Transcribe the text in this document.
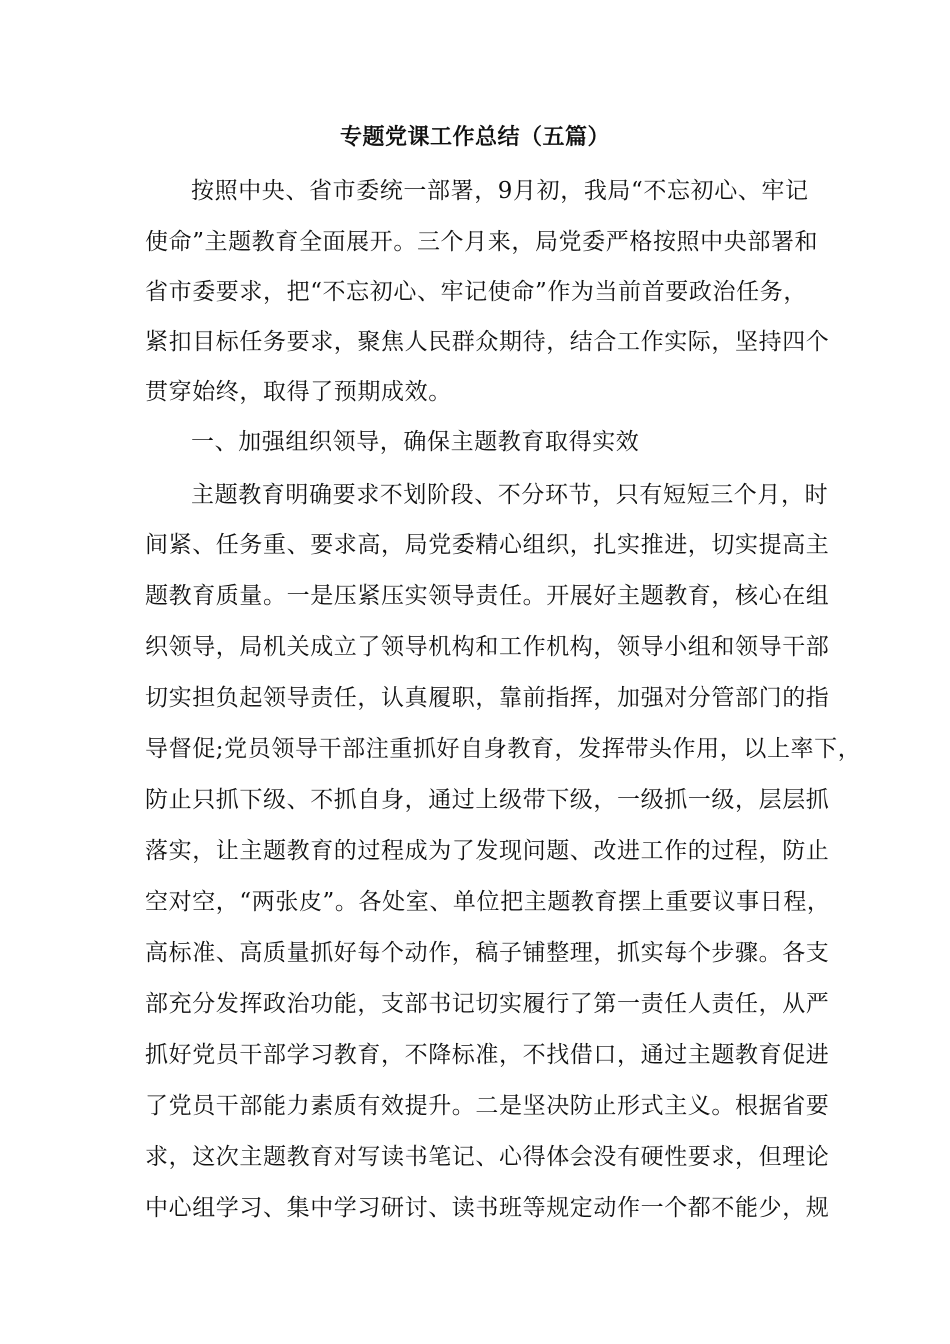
专题党课工作总结（五篇）
按照中央、省市委统一部署，9月初，我局“不忘初心、牢记
使命”主题教育全面展开。三个月来，局党委严格按照中央部署和
省市委要求，把“不忘初心、牢记使命”作为当前首要政治任务，
紧扣目标任务要求，聚焦人民群众期待，结合工作实际，坚持四个
贯穿始终，取得了预期成效。
一、加强组织领导，确保主题教育取得实效
主题教育明确要求不划阶段、不分环节，只有短短三个月，时
间紧、任务重、要求高，局党委精心组织，扎实推进，切实提高主
题教育质量。一是压紧压实领导责任。开展好主题教育，核心在组
织领导，局机关成立了领导机构和工作机构，领导小组和领导干部
切实担负起领导责任，认真履职，靠前指挥，加强对分管部门的指
导督促;党员领导干部注重抓好自身教育，发挥带头作用，以上率下，
防止只抓下级、不抓自身，通过上级带下级，一级抓一级，层层抓
落实，让主题教育的过程成为了发现问题、改进工作的过程，防止
空对空，“两张皮”。各处室、单位把主题教育摆上重要议事日程，
高标准、高质量抓好每个动作，稿子铺整理，抓实每个步骤。各支
部充分发挥政治功能，支部书记切实履行了第一责任人责任，从严
抓好党员干部学习教育，不降标准，不找借口，通过主题教育促进
了党员干部能力素质有效提升。二是坚决防止形式主义。根据省要
求，这次主题教育对写读书笔记、心得体会没有硬性要求，但理论
中心组学习、集中学习研讨、读书班等规定动作一个都不能少，规
